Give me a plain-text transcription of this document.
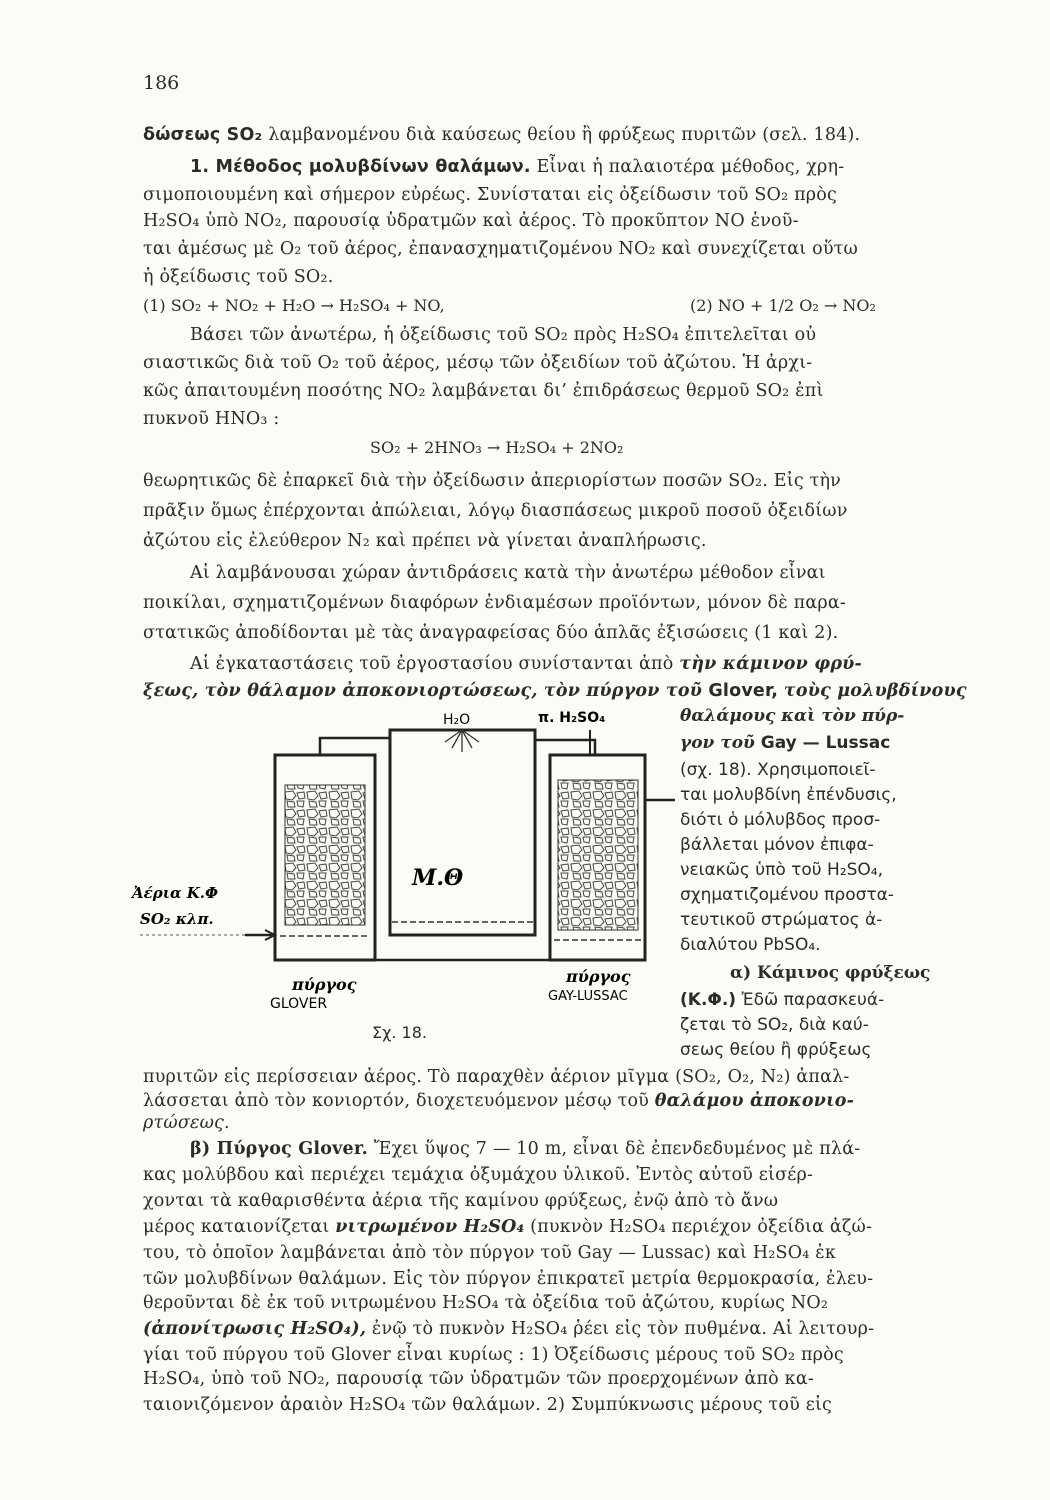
186
δώσεως SO₂ λαμβανομένου διὰ καύσεως θείου ἢ φρύξεως πυριτῶν (σελ. 184).
1. Μέθοδος μολυβδίνων θαλάμων. Εἶναι ἡ παλαιοτέρα μέθοδος, χρη-
σιμοποιουμένη καὶ σήμερον εὐρέως. Συνίσταται εἰς ὀξείδωσιν τοῦ SO₂ πρὸς
H₂SO₄ ὑπὸ NO₂, παρουσίᾳ ὑδρατμῶν καὶ ἀέρος. Τὸ προκῦπτον NO ἑνοῦ-
ται ἀμέσως μὲ O₂ τοῦ ἀέρος, ἐπανασχηματιζομένου NO₂ καὶ συνεχίζεται οὕτω
ἡ ὀξείδωσις τοῦ SO₂.
(1) SO₂ + NO₂ + H₂O → H₂SO₄ + NO,	(2) NO + 1/2 O₂ → NO₂
Βάσει τῶν ἀνωτέρω, ἡ ὀξείδωσις τοῦ SO₂ πρὸς H₂SO₄ ἐπιτελεῖται οὐ
σιαστικῶς διὰ τοῦ O₂ τοῦ ἀέρος, μέσῳ τῶν ὀξειδίων τοῦ ἀζώτου. Ἡ ἀρχι-
κῶς ἀπαιτουμένη ποσότης NO₂ λαμβάνεται δι’ ἐπιδράσεως θερμοῦ SO₂ ἐπὶ
πυκνοῦ HNO₃ :
SO₂ + 2HNO₃ → H₂SO₄ + 2NO₂
θεωρητικῶς δὲ ἐπαρκεῖ διὰ τὴν ὀξείδωσιν ἀπεριορίστων ποσῶν SO₂. Εἰς τὴν
πρᾶξιν ὅμως ἐπέρχονται ἀπώλειαι, λόγῳ διασπάσεως μικροῦ ποσοῦ ὀξειδίων
ἀζώτου εἰς ἐλεύθερον N₂ καὶ πρέπει νὰ γίνεται ἀναπλήρωσις.
Αἱ λαμβάνουσαι χώραν ἀντιδράσεις κατὰ τὴν ἀνωτέρω μέθοδον εἶναι
ποικίλαι, σχηματιζομένων διαφόρων ἐνδιαμέσων προϊόντων, μόνον δὲ παρα-
στατικῶς ἀποδίδονται μὲ τὰς ἀναγραφείσας δύο ἁπλᾶς ἐξισώσεις (1 καὶ 2).
Αἱ ἐγκαταστάσεις τοῦ ἐργοστασίου συνίστανται ἀπὸ τὴν κάμινον φρύ-
ξεως, τὸν θάλαμον ἀποκονιορτώσεως, τὸν πύργον τοῦ Glover, τοὺς μολυβδίνους
H₂O	π. H₂SO₄
M.Θ
Ἀέρια Κ.Φ
SO₂ κλπ.
πύργος
GLOVER
πύργος
GAY-LUSSAC
Σχ. 18.
θαλάμους καὶ τὸν πύρ-
γον τοῦ Gay — Lussac
(σχ. 18). Χρησιμοποιεῖ-
ται μολυβδίνη ἐπένδυσις,
διότι ὁ μόλυβδος προσ-
βάλλεται μόνον ἐπιφα-
νειακῶς ὑπὸ τοῦ H₂SO₄,
σχηματιζομένου προστα-
τευτικοῦ στρώματος ἀ-
διαλύτου PbSO₄.
α) Κάμινος φρύξεως
(Κ.Φ.) Ἐδῶ παρασκευά-
ζεται τὸ SO₂, διὰ καύ-
σεως θείου ἢ φρύξεως
πυριτῶν εἰς περίσσειαν ἀέρος. Τὸ παραχθὲν ἀέριον μῖγμα (SO₂, O₂, N₂) ἀπαλ-
λάσσεται ἀπὸ τὸν κονιορτόν, διοχετευόμενον μέσῳ τοῦ θαλάμου ἀποκονιο-
ρτώσεως.
β) Πύργος Glover. Ἔχει ὕψος 7 — 10 m, εἶναι δὲ ἐπενδεδυμένος μὲ πλά-
κας μολύβδου καὶ περιέχει τεμάχια ὀξυμάχου ὑλικοῦ. Ἐντὸς αὐτοῦ εἰσέρ-
χονται τὰ καθαρισθέντα ἀέρια τῆς καμίνου φρύξεως, ἐνῷ ἀπὸ τὸ ἄνω
μέρος καταιονίζεται νιτρωμένον H₂SO₄ (πυκνὸν H₂SO₄ περιέχον ὀξείδια ἀζώ-
του, τὸ ὁποῖον λαμβάνεται ἀπὸ τὸν πύργον τοῦ Gay — Lussac) καὶ H₂SO₄ ἐκ
τῶν μολυβδίνων θαλάμων. Εἰς τὸν πύργον ἐπικρατεῖ μετρία θερμοκρασία, ἐλευ-
θεροῦνται δὲ ἐκ τοῦ νιτρωμένου H₂SO₄ τὰ ὀξείδια τοῦ ἀζώτου, κυρίως NO₂
(ἀπονίτρωσις H₂SO₄), ἐνῷ τὸ πυκνὸν H₂SO₄ ῥέει εἰς τὸν πυθμένα. Αἱ λειτουρ-
γίαι τοῦ πύργου τοῦ Glover εἶναι κυρίως : 1) Ὀξείδωσις μέρους τοῦ SO₂ πρὸς
H₂SO₄, ὑπὸ τοῦ NO₂, παρουσίᾳ τῶν ὑδρατμῶν τῶν προερχομένων ἀπὸ κα-
ταιονιζόμενον ἀραιὸν H₂SO₄ τῶν θαλάμων. 2) Συμπύκνωσις μέρους τοῦ εἰς
